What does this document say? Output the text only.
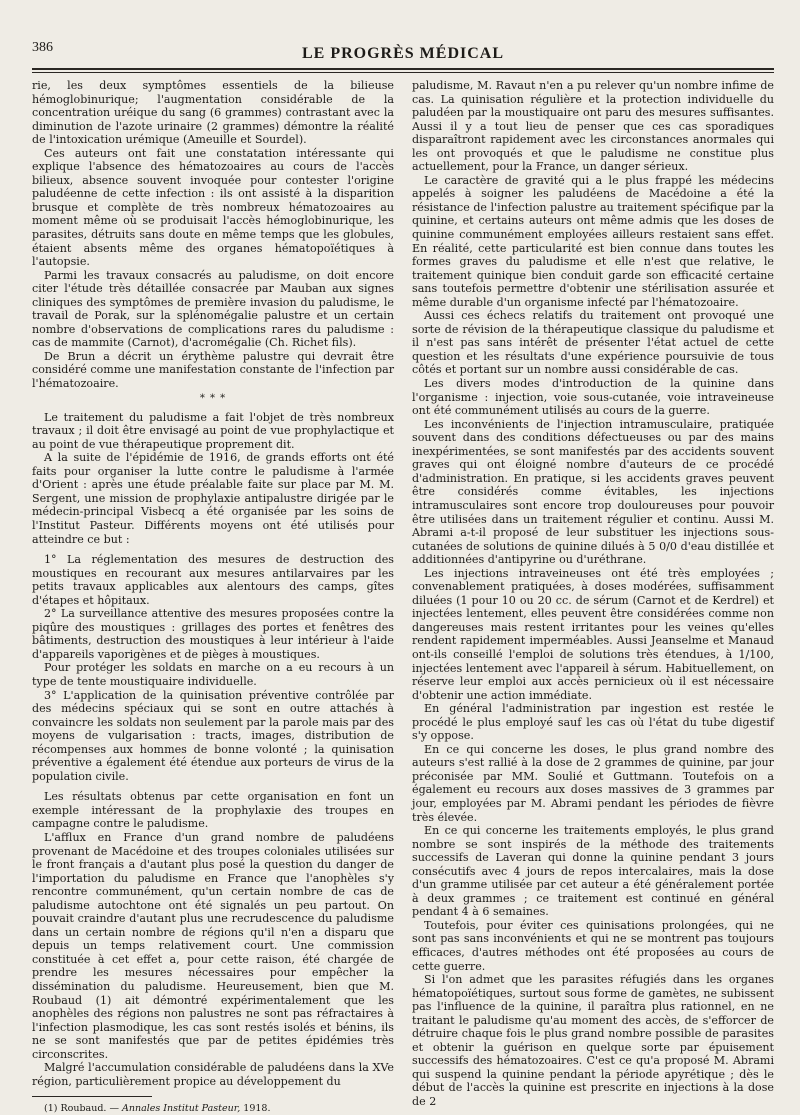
386	LE PROGRÈS MÉDICAL

rie, les deux symptômes essentiels de la bilieuse hémoglobinurique; l'augmentation considérable de la concentration uréique du sang (6 grammes) contrastant avec la diminution de l'azote urinaire (2 grammes) démontre la réalité de l'intoxication urémique (Ameuille et Sourdel).

Ces auteurs ont fait une constatation intéressante qui explique l'absence des hématozoaires au cours de l'accès bilieux, absence souvent invoquée pour contester l'origine paludéenne de cette infection : ils ont assisté à la disparition brusque et complète de très nombreux hématozoaires au moment même où se produisait l'accès hémoglobinurique, les parasites, détruits sans doute en même temps que les globules, étaient absents même des organes hématopoïétiques à l'autopsie.

Parmi les travaux consacrés au paludisme, on doit encore citer l'étude très détaillée consacrée par Mauban aux signes cliniques des symptômes de première invasion du paludisme, le travail de Porak, sur la splénomégalie palustre et un certain nombre d'observations de complications rares du paludisme : cas de mammite (Carnot), d'acromégalie (Ch. Richet fils).

De Brun a décrit un érythème palustre qui devrait être considéré comme une manifestation constante de l'infection par l'hématozoaire.

* * *

Le traitement du paludisme a fait l'objet de très nombreux travaux ; il doit être envisagé au point de vue prophylactique et au point de vue thérapeutique proprement dit.

A la suite de l'épidémie de 1916, de grands efforts ont été faits pour organiser la lutte contre le paludisme à l'armée d'Orient : après une étude préalable faite sur place par M. M. Sergent, une mission de prophylaxie antipalustre dirigée par le médecin-principal Visbecq a été organisée par les soins de l'Institut Pasteur. Différents moyens ont été utilisés pour atteindre ce but :

1° La réglementation des mesures de destruction des moustiques en recourant aux mesures antilarvaires par les petits travaux applicables aux alentours des camps, gîtes d'étapes et hôpitaux.

2° La surveillance attentive des mesures proposées contre la piqûre des moustiques : grillages des portes et fenêtres des bâtiments, destruction des moustiques à leur intérieur à l'aide d'appareils vaporigènes et de pièges à moustiques.

Pour protéger les soldats en marche on a eu recours à un type de tente moustiquaire individuelle.

3° L'application de la quinisation préventive contrôlée par des médecins spéciaux qui se sont en outre attachés à convaincre les soldats non seulement par la parole mais par des moyens de vulgarisation : tracts, images, distribution de récompenses aux hommes de bonne volonté ; la quinisation préventive a également été étendue aux porteurs de virus de la population civile.

Les résultats obtenus par cette organisation en font un exemple intéressant de la prophylaxie des troupes en campagne contre le paludisme.

L'afflux en France d'un grand nombre de paludéens provenant de Macédoine et des troupes coloniales utilisées sur le front français a d'autant plus posé la question du danger de l'importation du paludisme en France que l'anophèles s'y rencontre communément, qu'un certain nombre de cas de paludisme autochtone ont été signalés un peu partout. On pouvait craindre d'autant plus une recrudescence du paludisme dans un certain nombre de régions qu'il n'en a disparu que depuis un temps relativement court. Une commission constituée à cet effet a, pour cette raison, été chargée de prendre les mesures nécessaires pour empêcher la dissémination du paludisme. Heureusement, bien que M. Roubaud (1) ait démontré expérimentalement que les anophèles des régions non palustres ne sont pas réfractaires à l'infection plasmodique, les cas sont restés isolés et bénins, ils ne se sont manifestés que par de petites épidémies très circonscrites.

Malgré l'accumulation considérable de paludéens dans la XVe région, particulièrement propice au développement du

(1) Roubaud. — Annales Institut Pasteur, 1918.

paludisme, M. Ravaut n'en a pu relever qu'un nombre infime de cas. La quinisation régulière et la protection individuelle du paludéen par la moustiquaire ont paru des mesures suffisantes. Aussi il y a tout lieu de penser que ces cas sporadiques disparaîtront rapidement avec les circonstances anormales qui les ont provoqués et que le paludisme ne constitue plus actuellement, pour la France, un danger sérieux.

Le caractère de gravité qui a le plus frappé les médecins appelés à soigner les paludéens de Macédoine a été la résistance de l'infection palustre au traitement spécifique par la quinine, et certains auteurs ont même admis que les doses de quinine communément employées ailleurs restaient sans effet. En réalité, cette particularité est bien connue dans toutes les formes graves du paludisme et elle n'est que relative, le traitement quinique bien conduit garde son efficacité certaine sans toutefois permettre d'obtenir une stérilisation assurée et même durable d'un organisme infecté par l'hématozoaire.

Aussi ces échecs relatifs du traitement ont provoqué une sorte de révision de la thérapeutique classique du paludisme et il n'est pas sans intérêt de présenter l'état actuel de cette question et les résultats d'une expérience poursuivie de tous côtés et portant sur un nombre aussi considérable de cas.

Les divers modes d'introduction de la quinine dans l'organisme : injection, voie sous-cutanée, voie intraveineuse ont été communément utilisés au cours de la guerre.

Les inconvénients de l'injection intramusculaire, pratiquée souvent dans des conditions défectueuses ou par des mains inexpérimentées, se sont manifestés par des accidents souvent graves qui ont éloigné nombre d'auteurs de ce procédé d'administration. En pratique, si les accidents graves peuvent être considérés comme évitables, les injections intramusculaires sont encore trop douloureuses pour pouvoir être utilisées dans un traitement régulier et continu. Aussi M. Abrami a-t-il proposé de leur substituer les injections sous-cutanées de solutions de quinine dilués à 5 0/0 d'eau distillée et additionnées d'antipyrine ou d'uréthrane.

Les injections intraveineuses ont été très employées ; convenablement pratiquées, à doses modérées, suffisamment diluées (1 pour 10 ou 20 cc. de sérum (Carnot et de Kerdrel) et injectées lentement, elles peuvent être considérées comme non dangereuses mais restent irritantes pour les veines qu'elles rendent rapidement imperméables. Aussi Jeanselme et Manaud ont-ils conseillé l'emploi de solutions très étendues, à 1/100, injectées lentement avec l'appareil à sérum. Habituellement, on réserve leur emploi aux accès pernicieux où il est nécessaire d'obtenir une action immédiate.

En général l'administration par ingestion est restée le procédé le plus employé sauf les cas où l'état du tube digestif s'y oppose.

En ce qui concerne les doses, le plus grand nombre des auteurs s'est rallié à la dose de 2 grammes de quinine, par jour préconisée par MM. Soulié et Guttmann. Toutefois on a également eu recours aux doses massives de 3 grammes par jour, employées par M. Abrami pendant les périodes de fièvre très élevée.

En ce qui concerne les traitements employés, le plus grand nombre se sont inspirés de la méthode des traitements successifs de Laveran qui donne la quinine pendant 3 jours consécutifs avec 4 jours de repos intercalaires, mais la dose d'un gramme utilisée par cet auteur a été généralement portée à deux grammes ; ce traitement est continué en général pendant 4 à 6 semaines.

Toutefois, pour éviter ces quinisations prolongées, qui ne sont pas sans inconvénients et qui ne se montrent pas toujours efficaces, d'autres méthodes ont été proposées au cours de cette guerre.

Si l'on admet que les parasites réfugiés dans les organes hématopoïétiques, surtout sous forme de gamètes, ne subissent pas l'influence de la quinine, il paraîtra plus rationnel, en ne traitant le paludisme qu'au moment des accès, de s'efforcer de détruire chaque fois le plus grand nombre possible de parasites et obtenir la guérison en quelque sorte par épuisement successifs des hématozoaires. C'est ce qu'a proposé M. Abrami qui suspend la quinine pendant la période apyrétique ; dès le début de l'accès la quinine est prescrite en injections à la dose de 2
